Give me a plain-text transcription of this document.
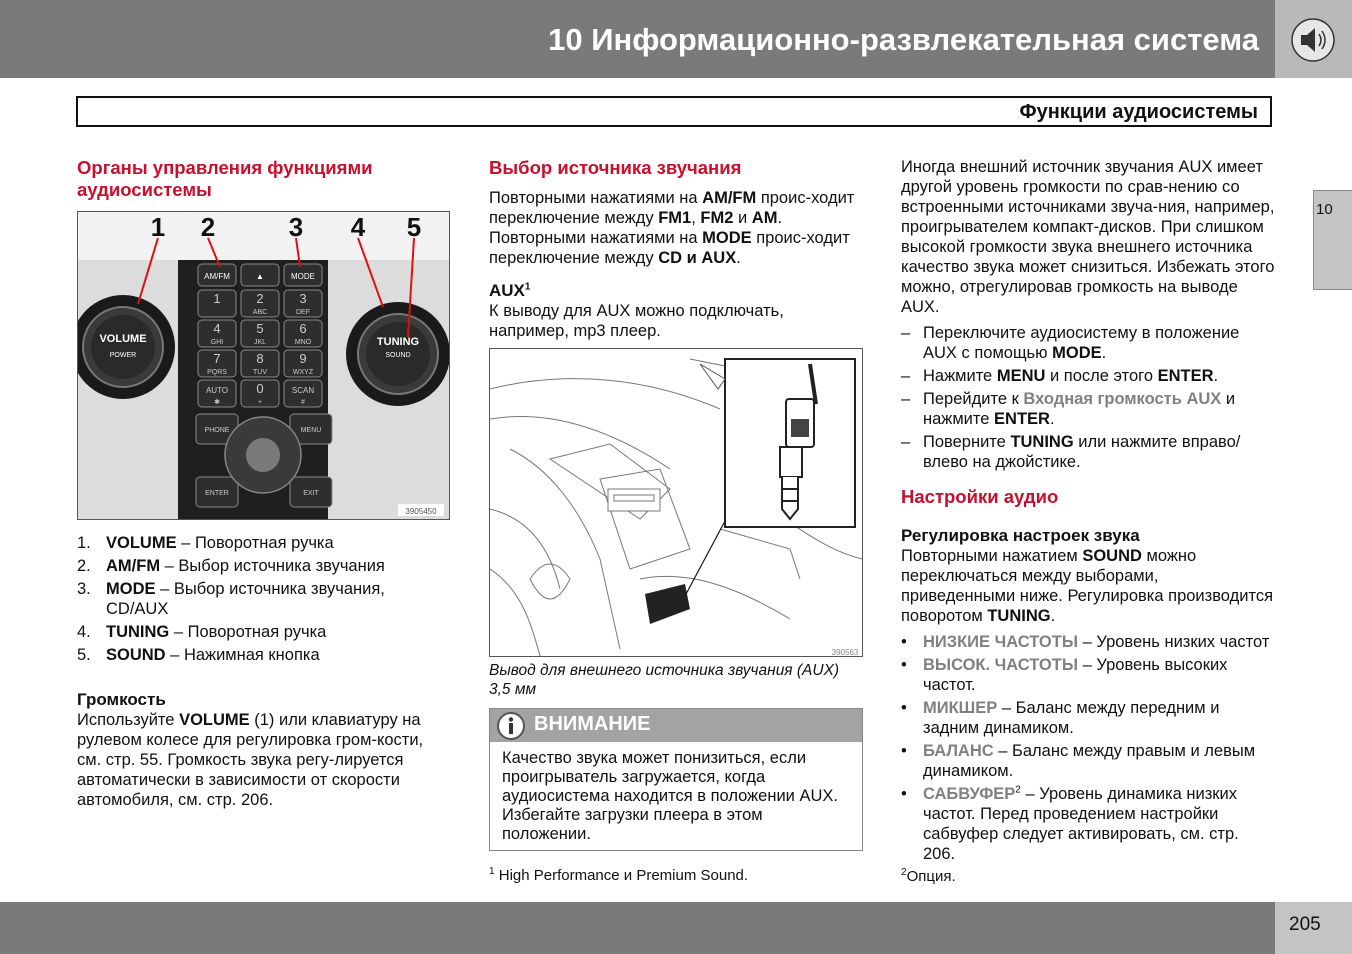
10 Информационно-развлекательная система
Функции аудиосистемы
10
Органы управления функциями аудиосистемы
VOLUME
POWER
TUNING
SOUND
AM/FM	▲	MODE
1	2
ABC
3
DEF
4
GHI
5
JKL
6
MNO
7
PQRS
8
TUV
9
WXYZ
AUTO
✱
0
+
SCAN
#
PHONE	MENU
ENTER	EXIT
1 2	3 4 5
3905450
1. VOLUME – Поворотная ручка
2. AM/FM – Выбор источника звучания
3. MODE – Выбор источника звучания, CD/AUX
4. TUNING – Поворотная ручка
5. SOUND – Нажимная кнопка
Громкость

Используйте VOLUME (1) или клавиатуру на рулевом колесе для регулировка гром-кости, см. стр. 55. Громкость звука регу-лируется автоматически в зависимости от скорости автомобиля, см. стр. 206.

Выбор источника звучания

Повторными нажатиями на AM/FM проис-ходит переключение между FM1, FM2 и AM. Повторными нажатиями на MODE проис-ходит переключение между CD и AUX.

AUX$^1$

К выводу для AUX можно подключать, например, mp3 плеер.

390563
Вывод для внешнего источника звучания (AUX) 3,5 мм
ВНИМАНИЕ
Качество звука может понизиться, если проигрыватель загружается, когда аудиосистема находится в положении AUX. Избегайте загрузки плеера в этом положении.
$^1$ High Performance и Premium Sound.

Иногда внешний источник звучания AUX имеет другой уровень громкости по срав-нению со встроенными источниками звуча-ния, например, проигрывателем компакт-дисков. При слишком высокой громкости звука внешнего источника качество звука может снизиться. Избежать этого можно, отрегулировав громкость на выводе AUX.

– Переключите аудиосистему в положение AUX с помощью MODE.
– Нажмите MENU и после этого ENTER.
– Перейдите к Входная громкость AUX и нажмите ENTER.
– Поверните TUNING или нажмите вправо/ влево на джойстике.
Настройки аудио
Регулировка настроек звука

Повторными нажатием SOUND можно переключаться между выборами, приведенными ниже. Регулировка производится поворотом TUNING.

• НИЗКИЕ ЧАСТОТЫ – Уровень низких частот
• ВЫСОК. ЧАСТОТЫ – Уровень высоких частот.
• МИКШЕР – Баланс между передним и задним динамиком.
• БАЛАНС – Баланс между правым и левым динамиком.
• САБВУФЕР$^2$ – Уровень динамика низких частот. Перед проведением настройки сабвуфер следует активировать, см. стр. 206.
$^2$Опция.
205
